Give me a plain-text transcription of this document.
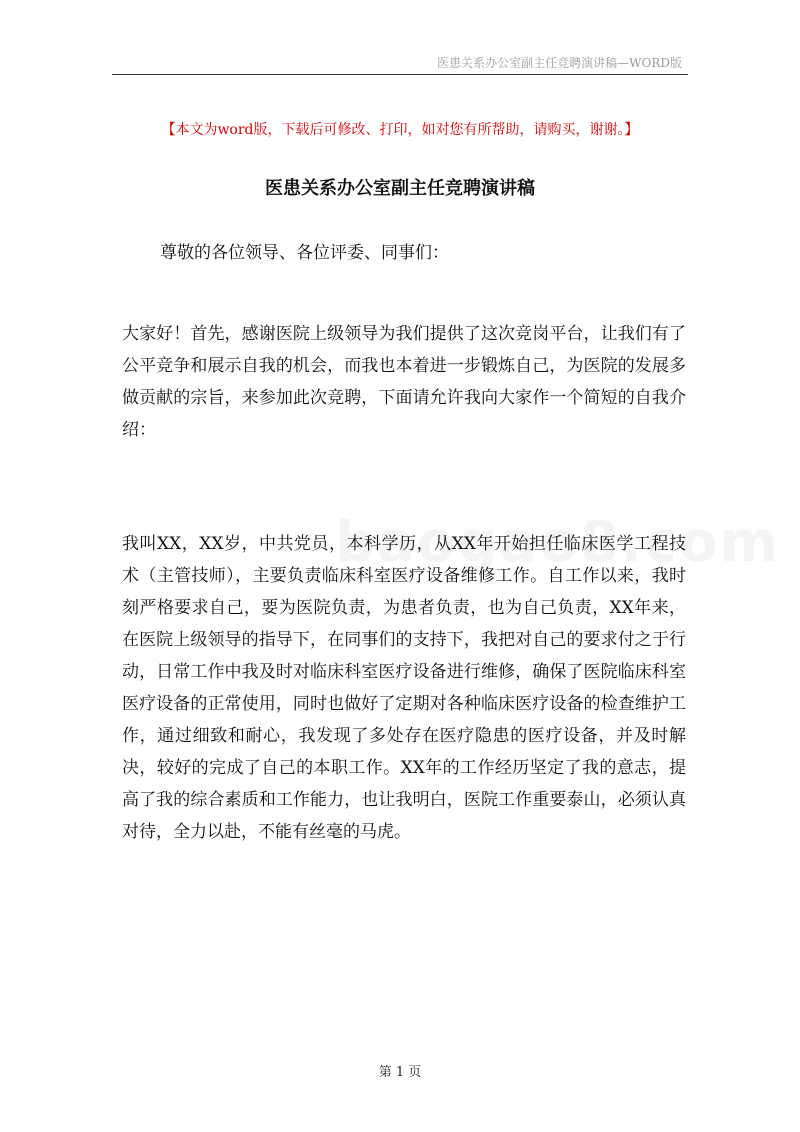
医患关系办公室副主任竞聘演讲稿—WORD版
【本文为word版，下载后可修改、打印，如对您有所帮助，请购买，谢谢。】
医患关系办公室副主任竞聘演讲稿
尊敬的各位领导、各位评委、同事们：

大家好！首先，感谢医院上级领导为我们提供了这次竞岗平台，让我们有了公平竞争和展示自我的机会，而我也本着进一步锻炼自己，为医院的发展多做贡献的宗旨，来参加此次竞聘，下面请允许我向大家作一个简短的自我介绍：

我叫XX，XX岁，中共党员，本科学历，从XX年开始担任临床医学工程技术（主管技师），主要负责临床科室医疗设备维修工作。自工作以来，我时刻严格要求自己，要为医院负责，为患者负责，也为自己负责，XX年来，在医院上级领导的指导下，在同事们的支持下，我把对自己的要求付之于行动，日常工作中我及时对临床科室医疗设备进行维修，确保了医院临床科室医疗设备的正常使用，同时也做好了定期对各种临床医疗设备的检查维护工作，通过细致和耐心，我发现了多处存在医疗隐患的医疗设备，并及时解决，较好的完成了自己的本职工作。XX年的工作经历坚定了我的意志，提高了我的综合素质和工作能力，也让我明白，医院工作重要泰山，必须认真对待，全力以赴，不能有丝毫的马虎。

第 1 页
